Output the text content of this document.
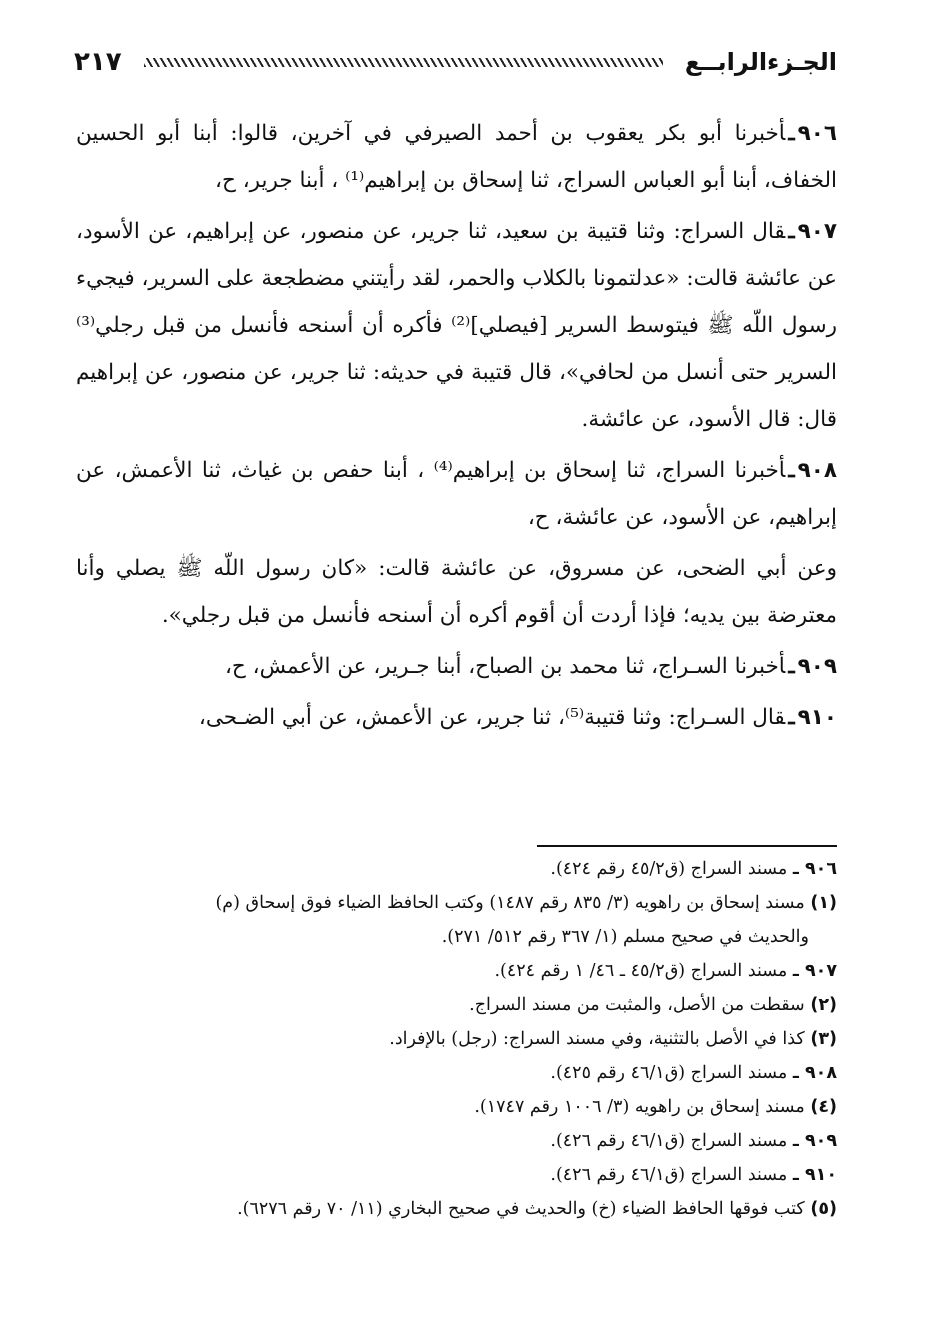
الجـزءالرابــع
٢١٧

٩٠٦ـأخبرنا أبو بكر يعقوب بن أحمد الصيرفي في آخرين، قالوا: أبنا أبو الحسين الخفاف، أبنا أبو العباس السراج، ثنا إسحاق بن إبراهيم⁽¹⁾ ، أبنا جرير، ح،

٩٠٧ـقال السراج: وثنا قتيبة بن سعيد، ثنا جرير، عن منصور، عن إبراهيم، عن الأسود، عن عائشة قالت: «عدلتمونا بالكلاب والحمر، لقد رأيتني مضطجعة على السرير، فيجيء رسول اللّه ﷺ فيتوسط السرير [فيصلي]⁽²⁾ فأكره أن أسنحه فأنسل من قبل رجلي⁽³⁾ السرير حتى أنسل من لحافي»، قال قتيبة في حديثه: ثنا جرير، عن منصور، عن إبراهيم قال: قال الأسود، عن عائشة.

٩٠٨ـأخبرنا السراج، ثنا إسحاق بن إبراهيم⁽⁴⁾ ، أبنا حفص بن غياث، ثنا الأعمش، عن إبراهيم، عن الأسود، عن عائشة، ح،

وعن أبي الضحى، عن مسروق، عن عائشة قالت: «كان رسول اللّه ﷺ يصلي وأنا معترضة بين يديه؛ فإذا أردت أن أقوم أكره أن أسنحه فأنسل من قبل رجلي».

٩٠٩ـأخبرنا السـراج، ثنا محمد بن الصباح، أبنا جـرير، عن الأعمش، ح،

٩١٠ـقال السـراج: وثنا قتيبة⁽⁵⁾، ثنا جرير، عن الأعمش، عن أبي الضـحى،

٩٠٦ ـ مسند السراج (ق٤٥/٢ رقم ٤٢٤).

(١) مسند إسحاق بن راهويه (٣/ ٨٣٥ رقم ١٤٨٧) وكتب الحافظ الضياء فوق إسحاق (م)

والحديث في صحيح مسلم (١/ ٣٦٧ رقم ٥١٢/ ٢٧١).

٩٠٧ ـ مسند السراج (ق٤٥/٢ ـ ٤٦/ ١ رقم ٤٢٤).

(٢) سقطت من الأصل، والمثبت من مسند السراج.

(٣) كذا في الأصل بالتثنية، وفي مسند السراج: (رجل) بالإفراد.

٩٠٨ ـ مسند السراج (ق٤٦/١ رقم ٤٢٥).

(٤) مسند إسحاق بن راهويه (٣/ ١٠٠٦ رقم ١٧٤٧).

٩٠٩ ـ مسند السراج (ق٤٦/١ رقم ٤٢٦).

٩١٠ ـ مسند السراج (ق٤٦/١ رقم ٤٢٦).

(٥) كتب فوقها الحافظ الضياء (خ) والحديث في صحيح البخاري (١١/ ٧٠ رقم ٦٢٧٦).
